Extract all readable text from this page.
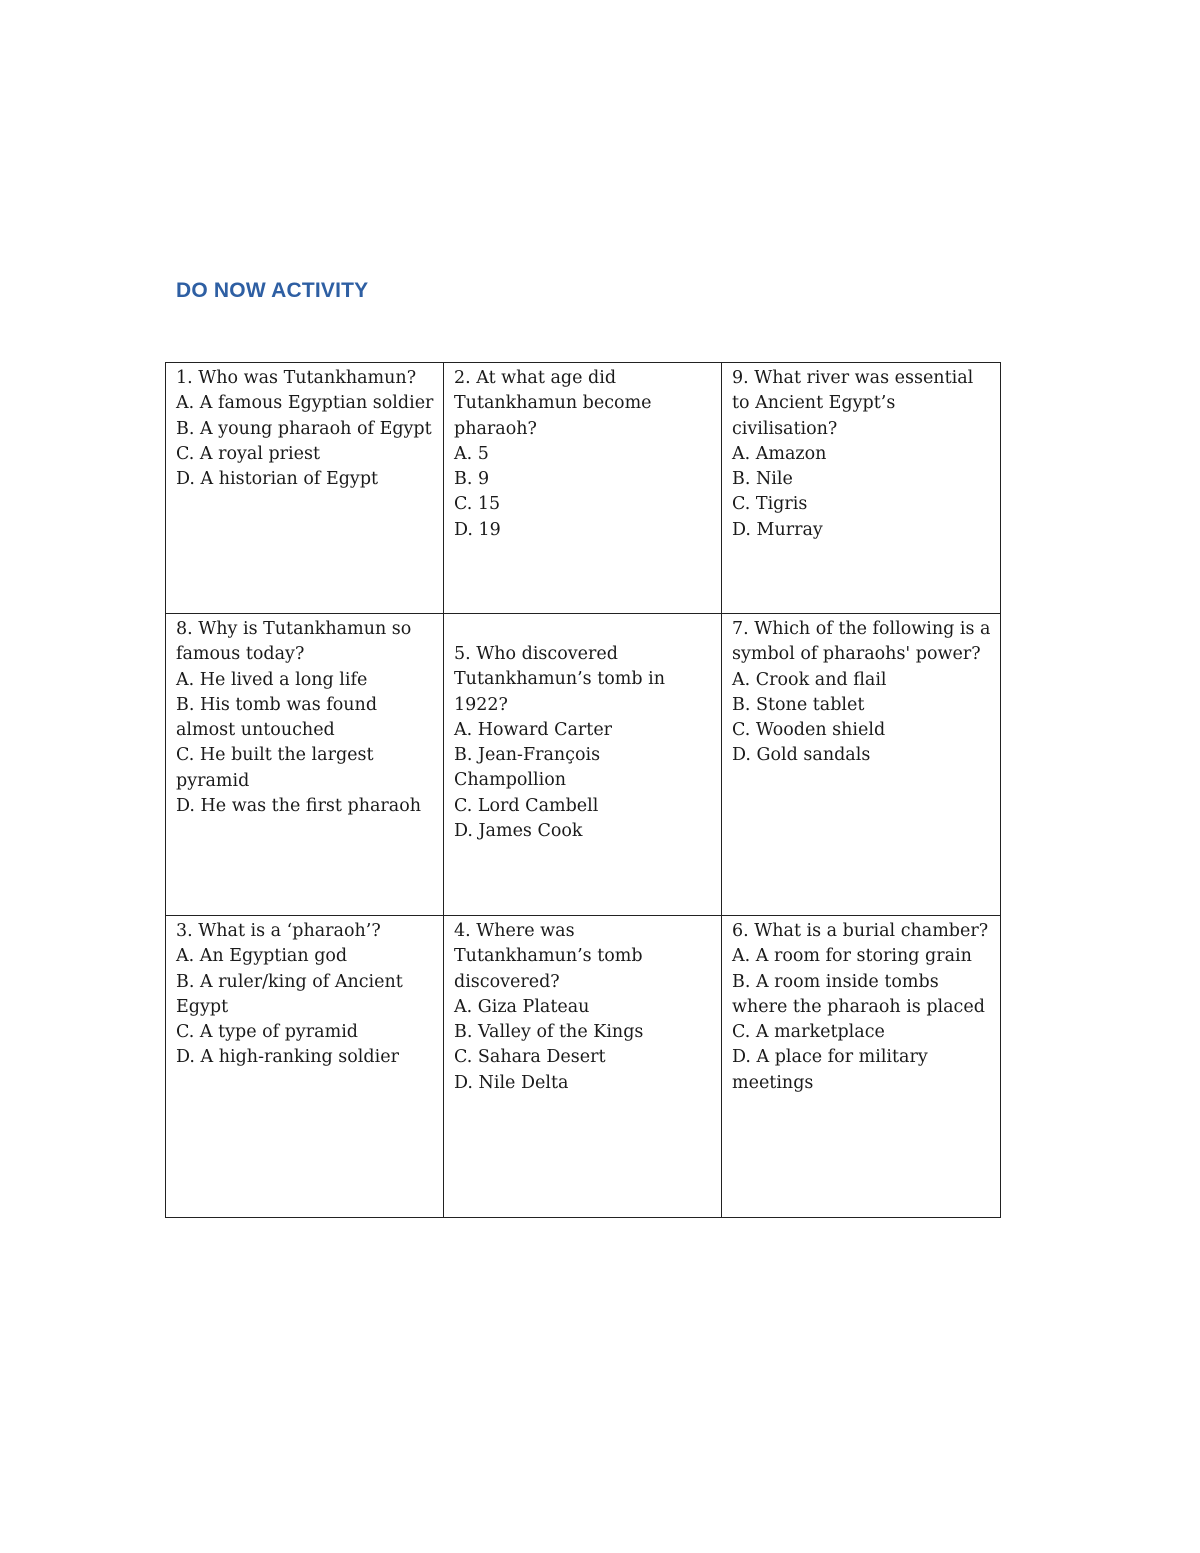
DO NOW ACTIVITY
1. Who was Tutankhamun?
A. A famous Egyptian soldier
B. A young pharaoh of Egypt
C. A royal priest
D. A historian of Egypt
2. At what age did Tutankhamun become pharaoh?
A. 5
B. 9
C. 15
D. 19
9. What river was essential to Ancient Egypt’s civilisation?
A. Amazon
B. Nile
C. Tigris
D. Murray
8. Why is Tutankhamun so famous today?
A. He lived a long life
B. His tomb was found almost untouched
C. He built the largest pyramid
D. He was the first pharaoh
5. Who discovered Tutankhamun’s tomb in 1922?
A. Howard Carter
B. Jean-François Champollion
C. Lord Cambell
D. James Cook
7. Which of the following is a symbol of pharaohs' power?
A. Crook and flail
B. Stone tablet
C. Wooden shield
D. Gold sandals
3. What is a ‘pharaoh’?
A. An Egyptian god
B. A ruler/king of Ancient Egypt
C. A type of pyramid
D. A high-ranking soldier
4. Where was Tutankhamun’s tomb discovered?
A. Giza Plateau
B. Valley of the Kings
C. Sahara Desert
D. Nile Delta
6. What is a burial chamber?
A. A room for storing grain
B. A room inside tombs where the pharaoh is placed
C. A marketplace
D. A place for military meetings
